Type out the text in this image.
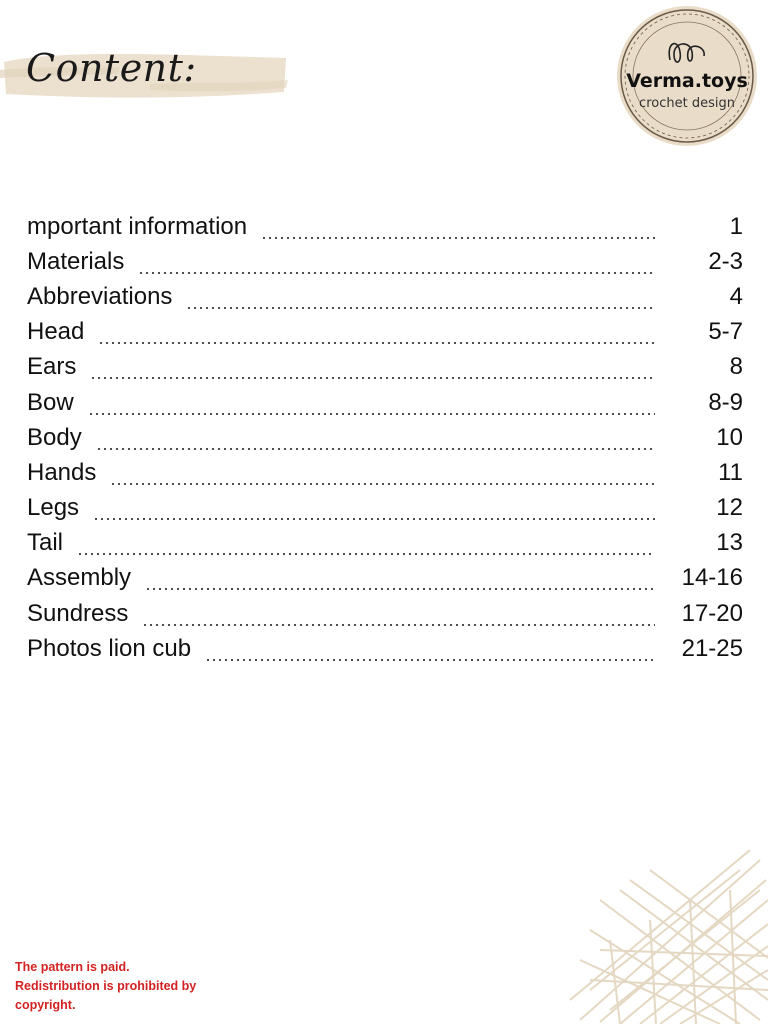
Content:	Verma.toys
crochet design
mportant information	1
Materials	2-3
Abbreviations	4
Head	5-7
Ears	8
Bow	8-9
Body	10
Hands	11
Legs	12
Tail	13
Assembly	14-16
Sundress	17-20
Photos lion cub	21-25
The pattern is paid.
Redistribution is prohibited by
copyright.
